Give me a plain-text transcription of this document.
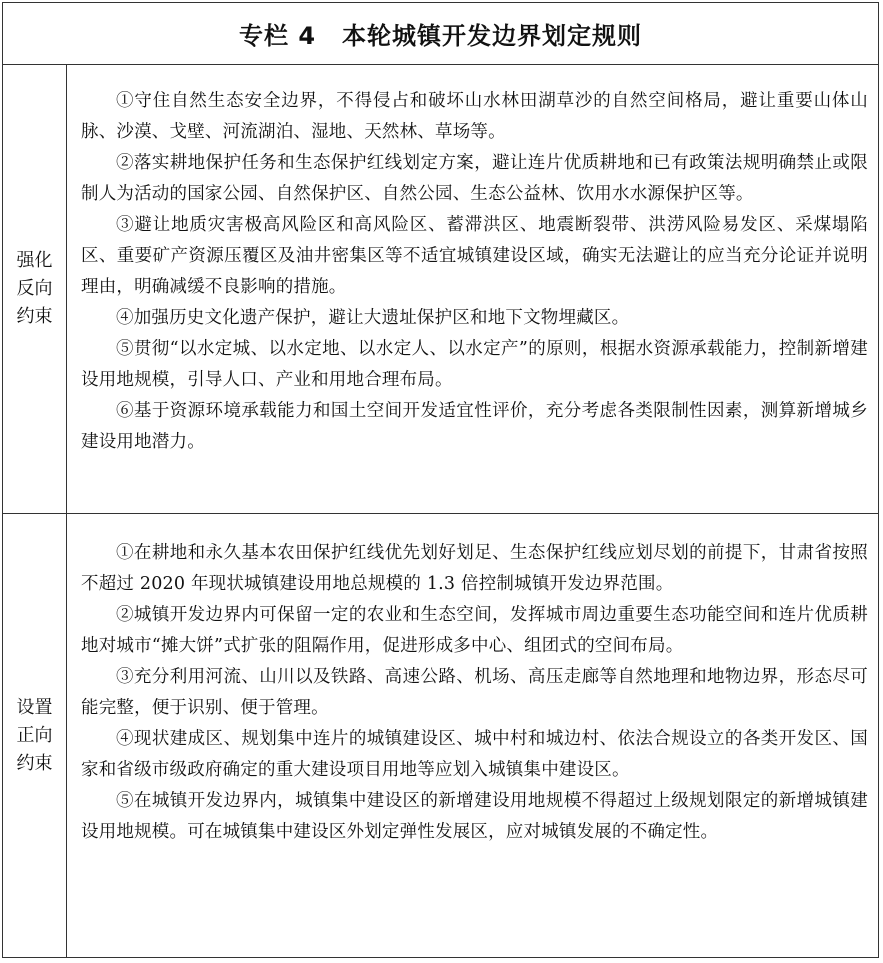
专栏 4 本轮城镇开发边界划定规则
强化反向约束

①守住自然生态安全边界，不得侵占和破坏山水林田湖草沙的自然空间格局，避让重要山体山脉、沙漠、戈壁、河流湖泊、湿地、天然林、草场等。

②落实耕地保护任务和生态保护红线划定方案，避让连片优质耕地和已有政策法规明确禁止或限制人为活动的国家公园、自然保护区、自然公园、生态公益林、饮用水水源保护区等。

③避让地质灾害极高风险区和高风险区、蓄滞洪区、地震断裂带、洪涝风险易发区、采煤塌陷区、重要矿产资源压覆区及油井密集区等不适宜城镇建设区域，确实无法避让的应当充分论证并说明理由，明确减缓不良影响的措施。

④加强历史文化遗产保护，避让大遗址保护区和地下文物埋藏区。

⑤贯彻“以水定城、以水定地、以水定人、以水定产”的原则，根据水资源承载能力，控制新增建设用地规模，引导人口、产业和用地合理布局。

⑥基于资源环境承载能力和国土空间开发适宜性评价，充分考虑各类限制性因素，测算新增城乡建设用地潜力。

设置正向约束

①在耕地和永久基本农田保护红线优先划好划足、生态保护红线应划尽划的前提下，甘肃省按照不超过 2020 年现状城镇建设用地总规模的 1.3 倍控制城镇开发边界范围。

②城镇开发边界内可保留一定的农业和生态空间，发挥城市周边重要生态功能空间和连片优质耕地对城市“摊大饼”式扩张的阻隔作用，促进形成多中心、组团式的空间布局。

③充分利用河流、山川以及铁路、高速公路、机场、高压走廊等自然地理和地物边界，形态尽可能完整，便于识别、便于管理。

④现状建成区、规划集中连片的城镇建设区、城中村和城边村、依法合规设立的各类开发区、国家和省级市级政府确定的重大建设项目用地等应划入城镇集中建设区。

⑤在城镇开发边界内，城镇集中建设区的新增建设用地规模不得超过上级规划限定的新增城镇建设用地规模。可在城镇集中建设区外划定弹性发展区，应对城镇发展的不确定性。
